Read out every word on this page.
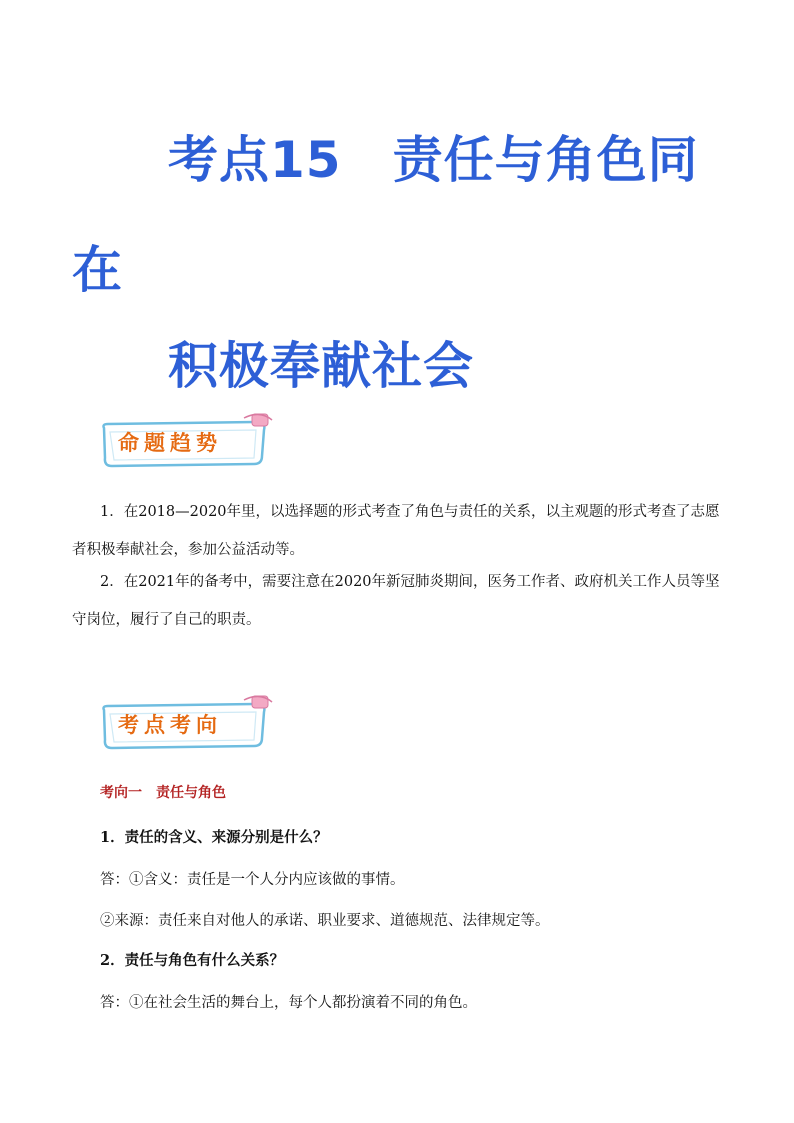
考点15　责任与角色同
在
积极奉献社会
命题趋势

1．在2018—2020年里，以选择题的形式考查了角色与责任的关系，以主观题的形式考查了志愿者积极奉献社会，参加公益活动等。

2．在2021年的备考中，需要注意在2020年新冠肺炎期间，医务工作者、政府机关工作人员等坚守岗位，履行了自己的职责。

考点考向
考向一　责任与角色
1．责任的含义、来源分别是什么？
答：①含义：责任是一个人分内应该做的事情。
②来源：责任来自对他人的承诺、职业要求、道德规范、法律规定等。
2．责任与角色有什么关系？
答：①在社会生活的舞台上，每个人都扮演着不同的角色。
